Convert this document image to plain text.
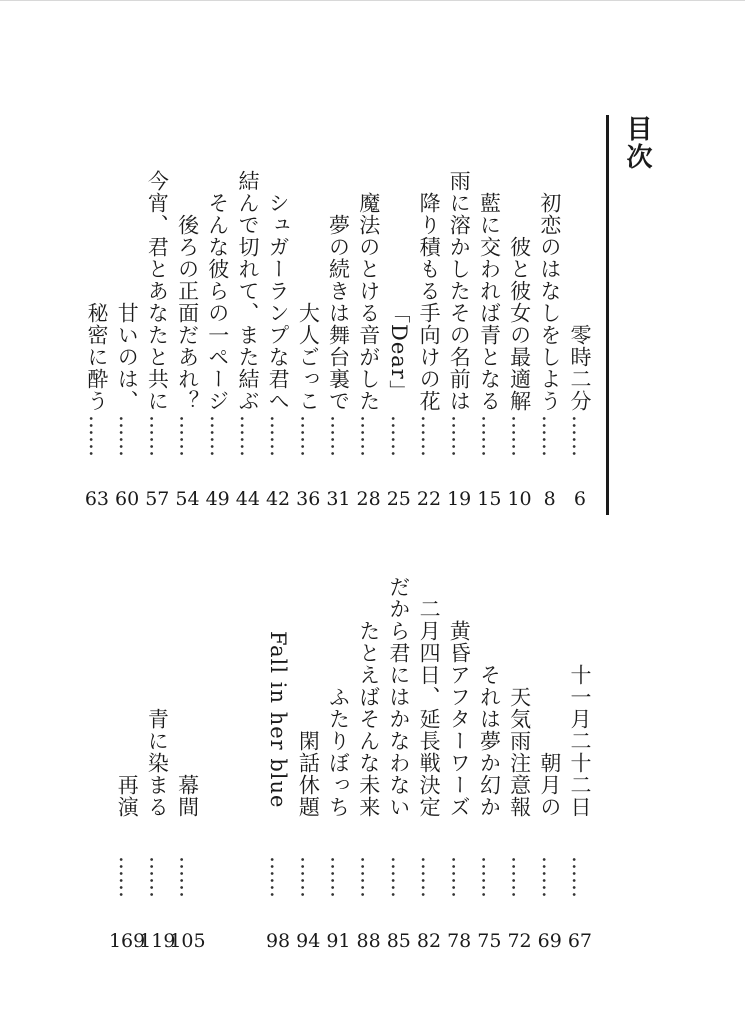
目次
零時二分
……
6
初恋のはなしをしよう
……
8
彼と彼女の最適解
……
10
藍に交われば青となる
……
15
雨に溶かしたその名前は
……
19
降り積もる手向けの花
……
22
「Dear」
……
25
魔法のとける音がした
……
28
夢の続きは舞台裏で
……
31
大人ごっこ
……
36
シュガーランプな君へ
……
42
結んで切れて、また結ぶ
……
44
そんな彼らの一ページ
……
49
後ろの正面だあれ？
……
54
今宵、君とあなたと共に
……
57
甘いのは、
……
60
秘密に酔う
……
63
十一月二十二日
……
67
朝月の
……
69
天気雨注意報
……
72
それは夢か幻か
……
75
黄昏アフターワーズ
……
78
二月四日、延長戦決定
……
82
だから君にはかなわない
……
85
たとえばそんな未来
……
88
ふたりぼっち
……
91
閑話休題
……
94
Fall in her blue
……
98
幕間
……
105
青に染まる
……
119
再演
……
169
